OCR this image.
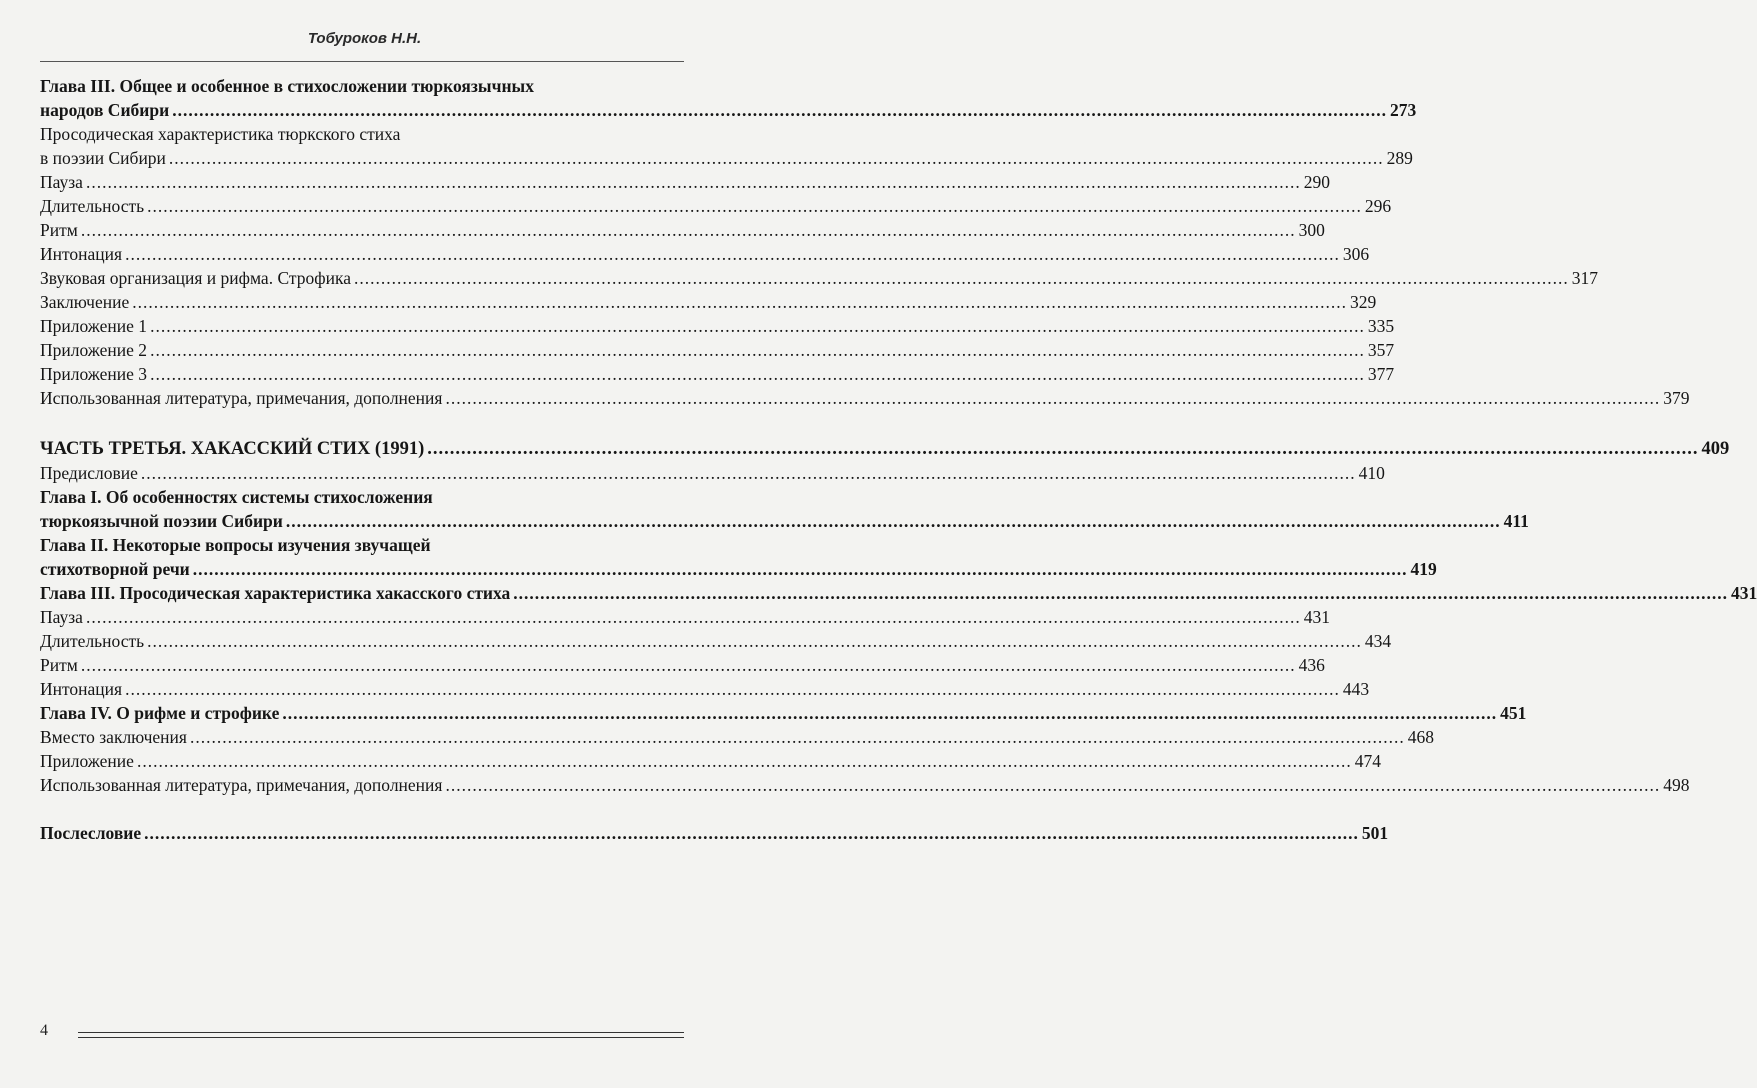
Тобуроков Н.Н.
Глава III. Общее и особенное в стихосложении тюркоязычных
народов Сибири .................................................................................................................................................................................................................................. 273
Просодическая характеристика тюркского стиха
в поэзии Сибири .................................................................................................................................................................................................................................. 289
Пауза .................................................................................................................................................................................................................................. 290
Длительность .................................................................................................................................................................................................................................. 296
Ритм .................................................................................................................................................................................................................................. 300
Интонация .................................................................................................................................................................................................................................. 306
Звуковая организация и рифма. Строфика .................................................................................................................................................................................................................................. 317
Заключение .................................................................................................................................................................................................................................. 329
Приложение 1 .................................................................................................................................................................................................................................. 335
Приложение 2 .................................................................................................................................................................................................................................. 357
Приложение 3 .................................................................................................................................................................................................................................. 377
Использованная литература, примечания, дополнения .................................................................................................................................................................................................................................. 379
ЧАСТЬ ТРЕТЬЯ. ХАКАССКИЙ СТИХ (1991) .................................................................................................................................................................................................................................. 409
Предисловие .................................................................................................................................................................................................................................. 410
Глава I. Об особенностях системы стихосложения
тюркоязычной поэзии Сибири .................................................................................................................................................................................................................................. 411
Глава II. Некоторые вопросы изучения звучащей
стихотворной речи .................................................................................................................................................................................................................................. 419
Глава III. Просодическая характеристика хакасского стиха .................................................................................................................................................................................................................................. 431
Пауза .................................................................................................................................................................................................................................. 431
Длительность .................................................................................................................................................................................................................................. 434
Ритм .................................................................................................................................................................................................................................. 436
Интонация .................................................................................................................................................................................................................................. 443
Глава IV. О рифме и строфике .................................................................................................................................................................................................................................. 451
Вместо заключения .................................................................................................................................................................................................................................. 468
Приложение .................................................................................................................................................................................................................................. 474
Использованная литература, примечания, дополнения .................................................................................................................................................................................................................................. 498
Послесловие .................................................................................................................................................................................................................................. 501
4
